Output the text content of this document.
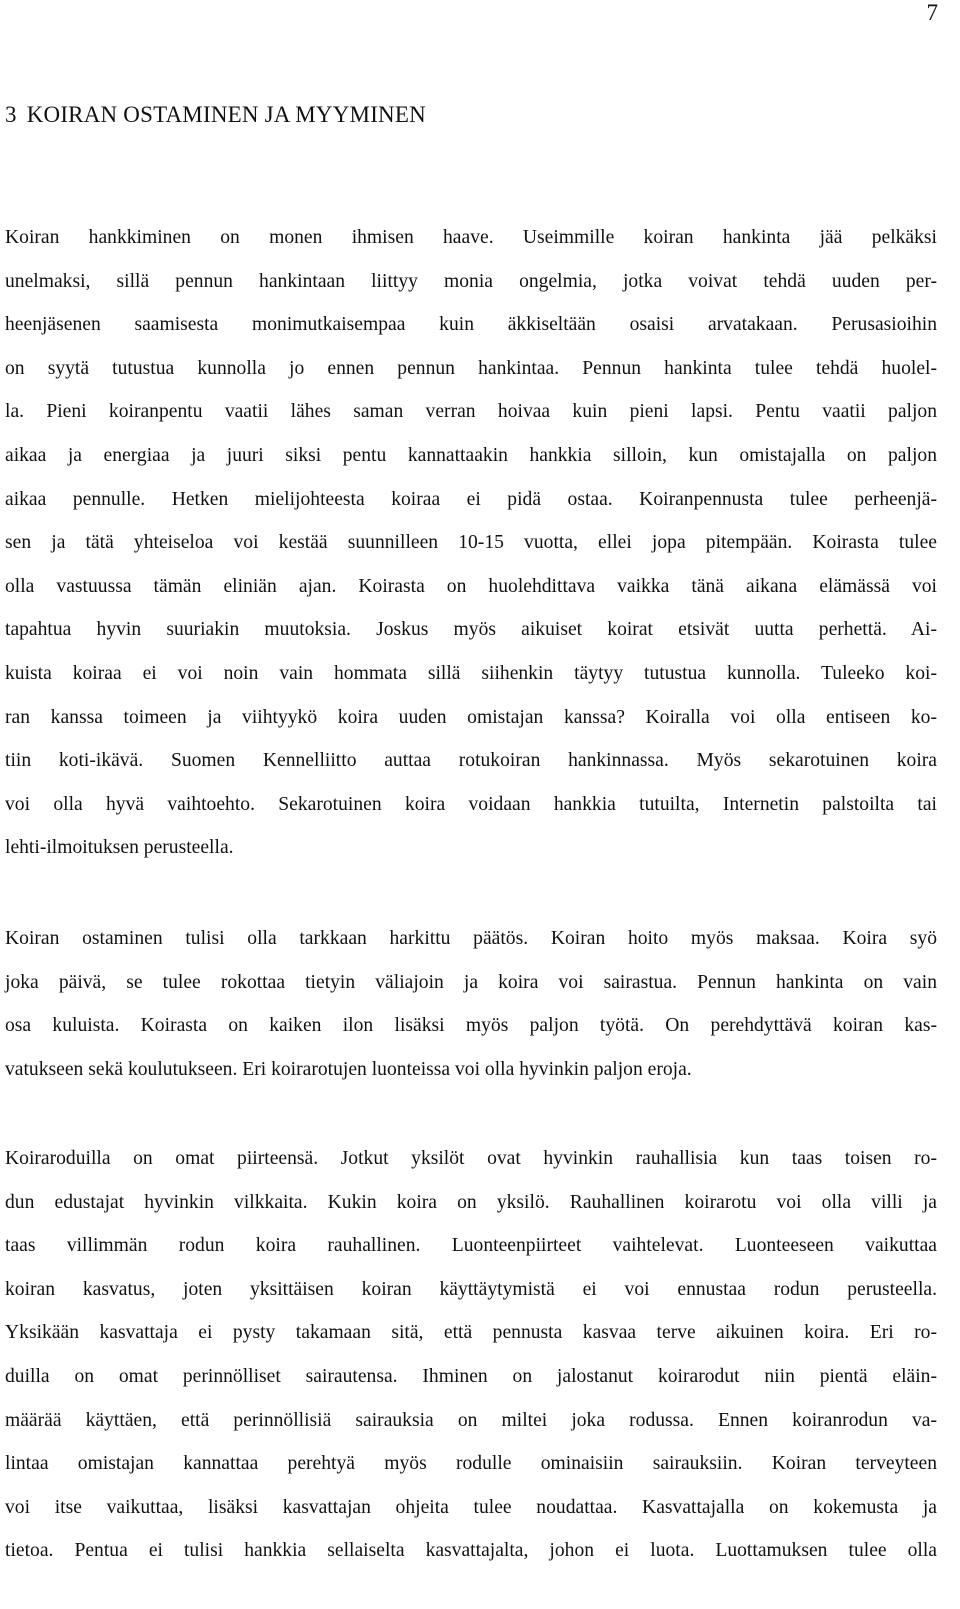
7
3 KOIRAN OSTAMINEN JA MYYMINEN
Koiran hankkiminen on monen ihmisen haave. Useimmille koiran hankinta jää pelkäksi
unelmaksi, sillä pennun hankintaan liittyy monia ongelmia, jotka voivat tehdä uuden per-
heenjäsenen saamisesta monimutkaisempaa kuin äkkiseltään osaisi arvatakaan. Perusasioihin
on syytä tutustua kunnolla jo ennen pennun hankintaa. Pennun hankinta tulee tehdä huolel-
la. Pieni koiranpentu vaatii lähes saman verran hoivaa kuin pieni lapsi. Pentu vaatii paljon
aikaa ja energiaa ja juuri siksi pentu kannattaakin hankkia silloin, kun omistajalla on paljon
aikaa pennulle. Hetken mielijohteesta koiraa ei pidä ostaa. Koiranpennusta tulee perheenjä-
sen ja tätä yhteiseloa voi kestää suunnilleen 10-15 vuotta, ellei jopa pitempään. Koirasta tulee
olla vastuussa tämän eliniän ajan. Koirasta on huolehdittava vaikka tänä aikana elämässä voi
tapahtua hyvin suuriakin muutoksia. Joskus myös aikuiset koirat etsivät uutta perhettä. Ai-
kuista koiraa ei voi noin vain hommata sillä siihenkin täytyy tutustua kunnolla. Tuleeko koi-
ran kanssa toimeen ja viihtyykö koira uuden omistajan kanssa? Koiralla voi olla entiseen ko-
tiin koti-ikävä. Suomen Kennelliitto auttaa rotukoiran hankinnassa. Myös sekarotuinen koira
voi olla hyvä vaihtoehto. Sekarotuinen koira voidaan hankkia tutuilta, Internetin palstoilta tai
lehti-ilmoituksen perusteella.
Koiran ostaminen tulisi olla tarkkaan harkittu päätös. Koiran hoito myös maksaa. Koira syö
joka päivä, se tulee rokottaa tietyin väliajoin ja koira voi sairastua. Pennun hankinta on vain
osa kuluista. Koirasta on kaiken ilon lisäksi myös paljon työtä. On perehdyttävä koiran kas-
vatukseen sekä koulutukseen. Eri koirarotujen luonteissa voi olla hyvinkin paljon eroja.
Koiraroduilla on omat piirteensä. Jotkut yksilöt ovat hyvinkin rauhallisia kun taas toisen ro-
dun edustajat hyvinkin vilkkaita. Kukin koira on yksilö. Rauhallinen koirarotu voi olla villi ja
taas villimmän rodun koira rauhallinen. Luonteenpiirteet vaihtelevat. Luonteeseen vaikuttaa
koiran kasvatus, joten yksittäisen koiran käyttäytymistä ei voi ennustaa rodun perusteella.
Yksikään kasvattaja ei pysty takamaan sitä, että pennusta kasvaa terve aikuinen koira. Eri ro-
duilla on omat perinnölliset sairautensa. Ihminen on jalostanut koirarodut niin pientä eläin-
määrää käyttäen, että perinnöllisiä sairauksia on miltei joka rodussa. Ennen koiranrodun va-
lintaa omistajan kannattaa perehtyä myös rodulle ominaisiin sairauksiin. Koiran terveyteen
voi itse vaikuttaa, lisäksi kasvattajan ohjeita tulee noudattaa. Kasvattajalla on kokemusta ja
tietoa. Pentua ei tulisi hankkia sellaiselta kasvattajalta, johon ei luota. Luottamuksen tulee olla
